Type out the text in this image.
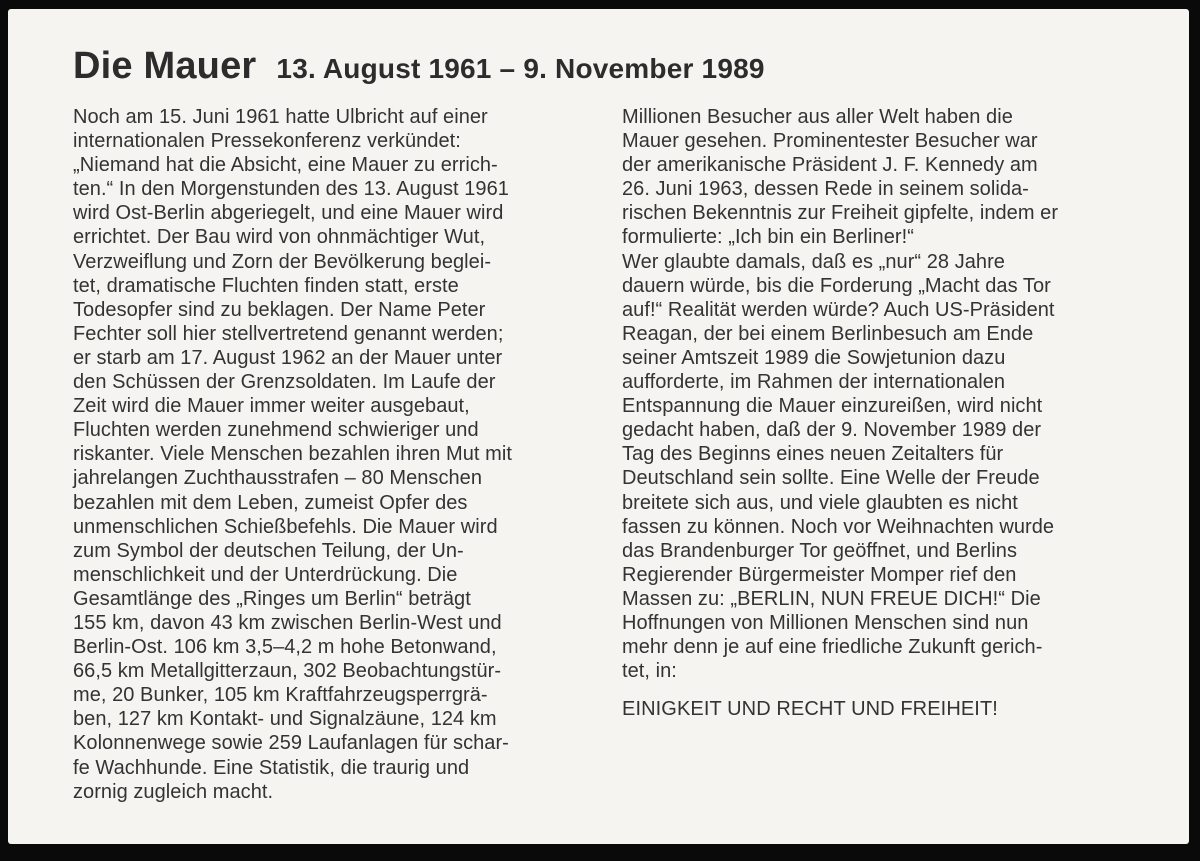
Die Mauer 13. August 1961 – 9. November 1989
Noch am 15. Juni 1961 hatte Ulbricht auf einer
internationalen Pressekonferenz verkündet:
„Niemand hat die Absicht, eine Mauer zu errich-
ten.“ In den Morgenstunden des 13. August 1961
wird Ost-Berlin abgeriegelt, und eine Mauer wird
errichtet. Der Bau wird von ohnmächtiger Wut,
Verzweiflung und Zorn der Bevölkerung beglei-
tet, dramatische Fluchten finden statt, erste
Todesopfer sind zu beklagen. Der Name Peter
Fechter soll hier stellvertretend genannt werden;
er starb am 17. August 1962 an der Mauer unter
den Schüssen der Grenzsoldaten. Im Laufe der
Zeit wird die Mauer immer weiter ausgebaut,
Fluchten werden zunehmend schwieriger und
riskanter. Viele Menschen bezahlen ihren Mut mit
jahrelangen Zuchthausstrafen – 80 Menschen
bezahlen mit dem Leben, zumeist Opfer des
unmenschlichen Schießbefehls. Die Mauer wird
zum Symbol der deutschen Teilung, der Un-
menschlichkeit und der Unterdrückung. Die
Gesamtlänge des „Ringes um Berlin“ beträgt
155 km, davon 43 km zwischen Berlin-West und
Berlin-Ost. 106 km 3,5–4,2 m hohe Betonwand,
66,5 km Metallgitterzaun, 302 Beobachtungstür-
me, 20 Bunker, 105 km Kraftfahrzeugsperrgrä-
ben, 127 km Kontakt- und Signalzäune, 124 km
Kolonnenwege sowie 259 Laufanlagen für schar-
fe Wachhunde. Eine Statistik, die traurig und
zornig zugleich macht.
Millionen Besucher aus aller Welt haben die
Mauer gesehen. Prominentester Besucher war
der amerikanische Präsident J. F. Kennedy am
26. Juni 1963, dessen Rede in seinem solida-
rischen Bekenntnis zur Freiheit gipfelte, indem er
formulierte: „Ich bin ein Berliner!“
Wer glaubte damals, daß es „nur“ 28 Jahre
dauern würde, bis die Forderung „Macht das Tor
auf!“ Realität werden würde? Auch US-Präsident
Reagan, der bei einem Berlinbesuch am Ende
seiner Amtszeit 1989 die Sowjetunion dazu
aufforderte, im Rahmen der internationalen
Entspannung die Mauer einzureißen, wird nicht
gedacht haben, daß der 9. November 1989 der
Tag des Beginns eines neuen Zeitalters für
Deutschland sein sollte. Eine Welle der Freude
breitete sich aus, und viele glaubten es nicht
fassen zu können. Noch vor Weihnachten wurde
das Brandenburger Tor geöffnet, und Berlins
Regierender Bürgermeister Momper rief den
Massen zu: „BERLIN, NUN FREUE DICH!“ Die
Hoffnungen von Millionen Menschen sind nun
mehr denn je auf eine friedliche Zukunft gerich-
tet, in:
EINIGKEIT UND RECHT UND FREIHEIT!
